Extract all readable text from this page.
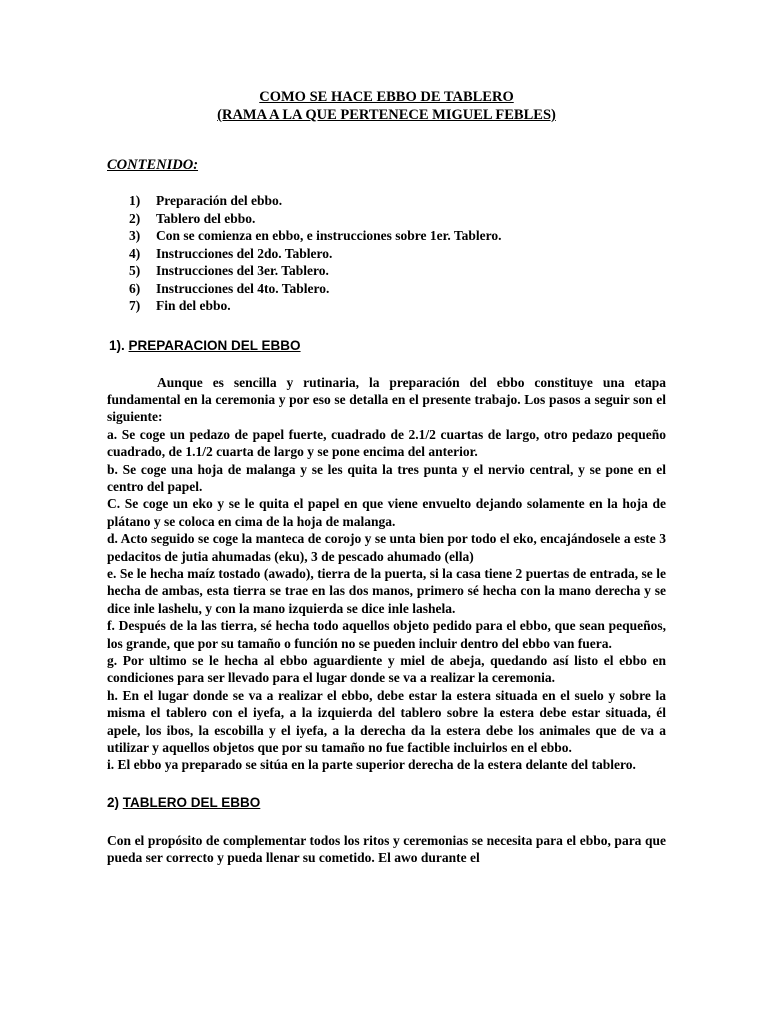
COMO SE HACE EBBO DE TABLERO

(RAMA A LA QUE PERTENECE MIGUEL FEBLES)

CONTENIDO:

1)	Preparación del ebbo.
2)	Tablero del ebbo.
3)	Con se comienza en ebbo, e instrucciones sobre 1er. Tablero.
4)	Instrucciones del 2do. Tablero.
5)	Instrucciones del 3er. Tablero.
6)	Instrucciones del 4to. Tablero.
7)	Fin del ebbo.

1). PREPARACION DEL EBBO

Aunque es sencilla y rutinaria, la preparación del ebbo constituye una etapa fundamental en la ceremonia y por eso se detalla en el presente trabajo. Los pasos a seguir son el siguiente:

a. Se coge un pedazo de papel fuerte, cuadrado de 2.1/2 cuartas de largo, otro pedazo pequeño cuadrado, de 1.1/2 cuarta de largo y se pone encima del anterior.

b. Se coge una hoja de malanga y se les quita la tres punta y el nervio central, y se pone en el centro del papel.

C. Se coge un eko y se le quita el papel en que viene envuelto dejando solamente en la hoja de plátano y se coloca en cima de la hoja de malanga.

d. Acto seguido se coge la manteca de corojo y se unta bien por todo el eko, encajándosele a este 3 pedacitos de jutia ahumadas (eku), 3 de pescado ahumado (ella)

e. Se le hecha maíz tostado (awado), tierra de la puerta, si la casa tiene 2 puertas de entrada, se le hecha de ambas, esta tierra se trae en las dos manos, primero sé hecha con la mano derecha y se dice inle lashelu, y con la mano izquierda se dice inle lashela.

f. Después de la las tierra, sé hecha todo aquellos objeto pedido para el ebbo, que sean pequeños, los grande, que por su tamaño o función no se pueden incluir dentro del ebbo van fuera.

g. Por ultimo se le hecha al ebbo aguardiente y miel de abeja, quedando así listo el ebbo en condiciones para ser llevado para el lugar donde se va a realizar la ceremonia.

h. En el lugar donde se va a realizar el ebbo, debe estar la estera situada en el suelo y sobre la misma el tablero con el iyefa, a la izquierda del tablero sobre la estera debe estar situada, él apele, los ibos, la escobilla y el iyefa, a la derecha da la estera debe los animales que de va a utilizar y aquellos objetos que por su tamaño no fue factible incluirlos en el ebbo.

i. El ebbo ya preparado se sitúa en la parte superior derecha de la estera delante del tablero.

2) TABLERO DEL EBBO

Con el propósito de complementar todos los ritos y ceremonias se necesita para el ebbo, para que pueda ser correcto y pueda llenar su cometido. El awo durante el
